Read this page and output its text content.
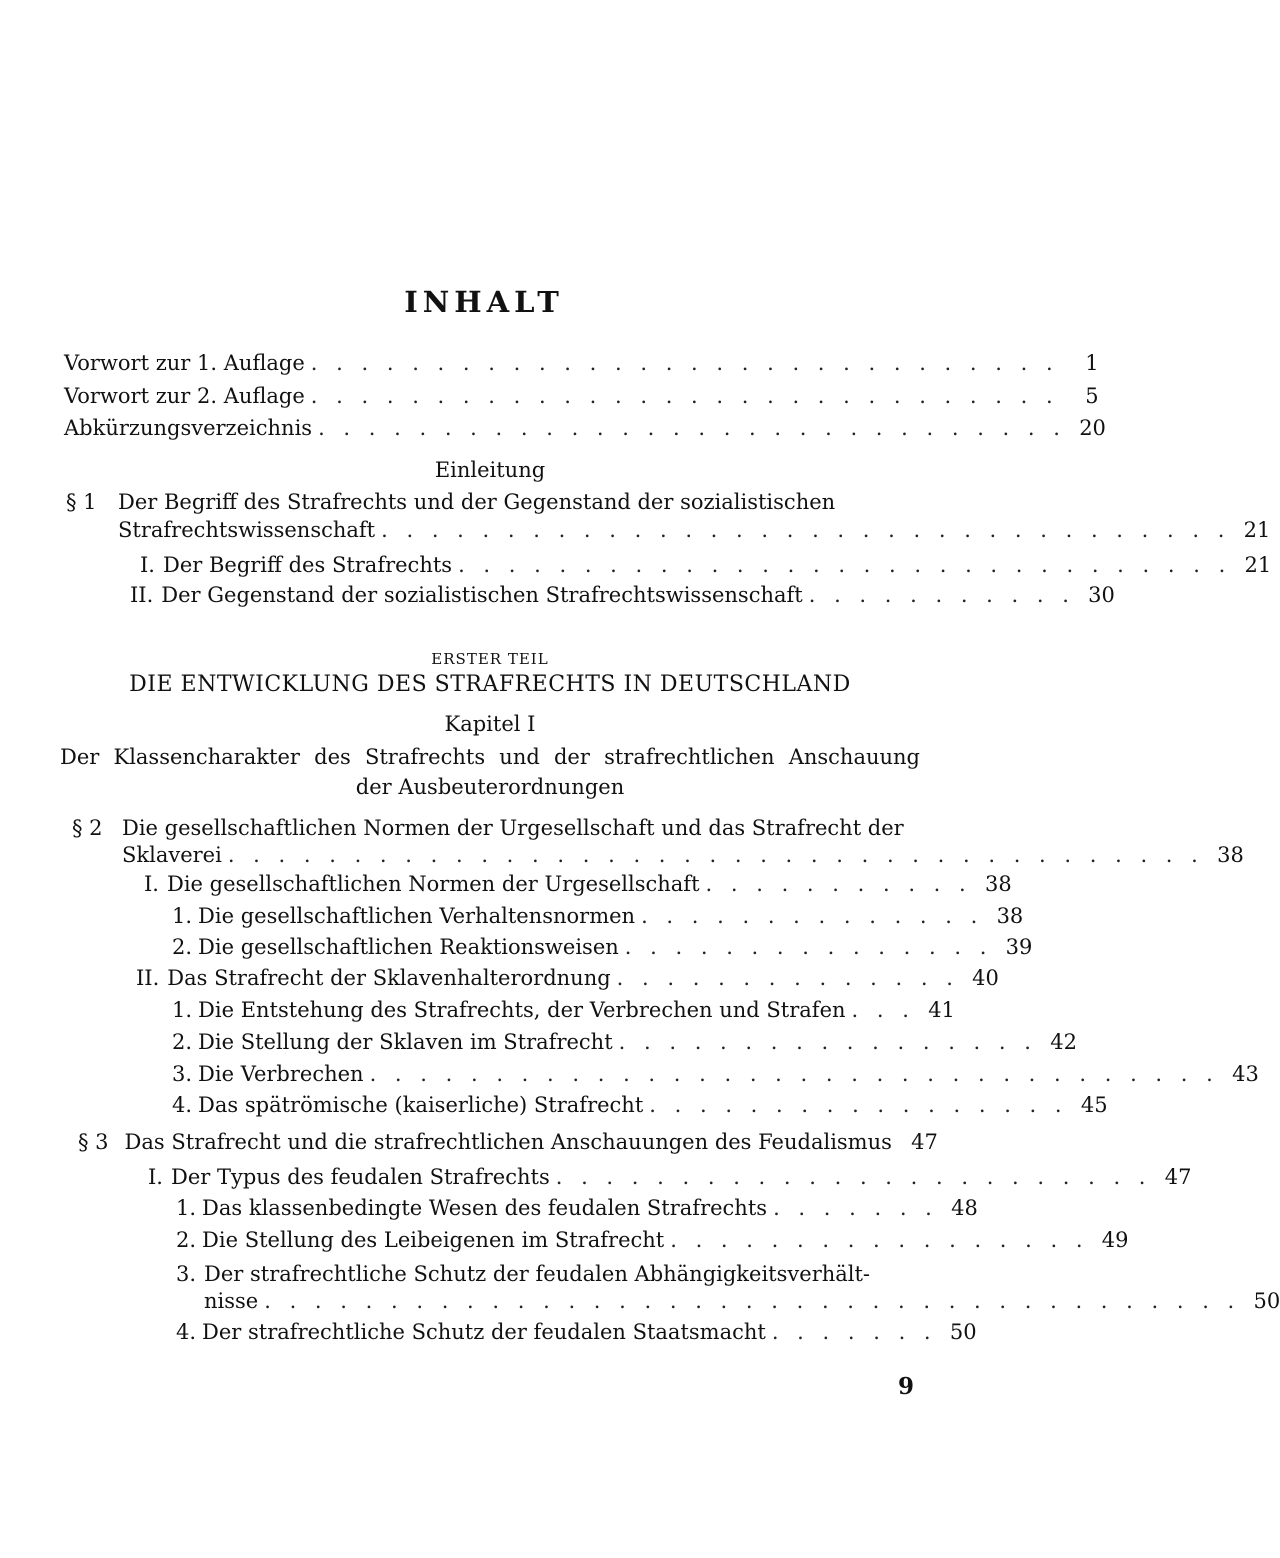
INHALT
Vorwort zur 1. Auflage . . . . . . . . . . . . . . . . . . . . . . . . . . . . . .	1
Vorwort zur 2. Auflage . . . . . . . . . . . . . . . . . . . . . . . . . . . . . .	5
Abkürzungsverzeichnis . . . . . . . . . . . . . . . . . . . . . . . . . . . . . . 20
Einleitung
§ 1 Der Begriff des Strafrechts und der Gegenstand der sozialistischen
Strafrechtswissenschaft . . . . . . . . . . . . . . . . . . . . . . . . . . . . . . . . . . 21
I. Der Begriff des Strafrechts . . . . . . . . . . . . . . . . . . . . . . . . . . . . . . . 21
II. Der Gegenstand der sozialistischen Strafrechtswissenschaft . . . . . . . . . . . 30
ERSTER TEIL
DIE ENTWICKLUNG DES STRAFRECHTS IN DEUTSCHLAND
Kapitel I
Der Klassencharakter des Strafrechts und der strafrechtlichen Anschauung
der Ausbeuterordnungen
§ 2 Die gesellschaftlichen Normen der Urgesellschaft und das Strafrecht der
Sklaverei . . . . . . . . . . . . . . . . . . . . . . . . . . . . . . . . . . . . . . . 38
I. Die gesellschaftlichen Normen der Urgesellschaft . . . . . . . . . . . 38
1. Die gesellschaftlichen Verhaltensnormen . . . . . . . . . . . . . . 38
2. Die gesellschaftlichen Reaktionsweisen . . . . . . . . . . . . . . . 39
II. Das Strafrecht der Sklavenhalterordnung . . . . . . . . . . . . . . 40
1. Die Entstehung des Strafrechts, der Verbrechen und Strafen . . . 41
2. Die Stellung der Sklaven im Strafrecht . . . . . . . . . . . . . . . . . 42
3. Die Verbrechen . . . . . . . . . . . . . . . . . . . . . . . . . . . . . . . . . . 43
4. Das spätrömische (kaiserliche) Strafrecht . . . . . . . . . . . . . . . . . 45
§ 3 Das Strafrecht und die strafrechtlichen Anschauungen des Feudalismus 47
I. Der Typus des feudalen Strafrechts . . . . . . . . . . . . . . . . . . . . . . . . 47
1. Das klassenbedingte Wesen des feudalen Strafrechts . . . . . . . 48
2. Die Stellung des Leibeigenen im Strafrecht . . . . . . . . . . . . . . . . . 49
3. Der strafrechtliche Schutz der feudalen Abhängigkeitsverhält-
nisse . . . . . . . . . . . . . . . . . . . . . . . . . . . . . . . . . . . . . . . 50
4. Der strafrechtliche Schutz der feudalen Staatsmacht . . . . . . . 50
9
